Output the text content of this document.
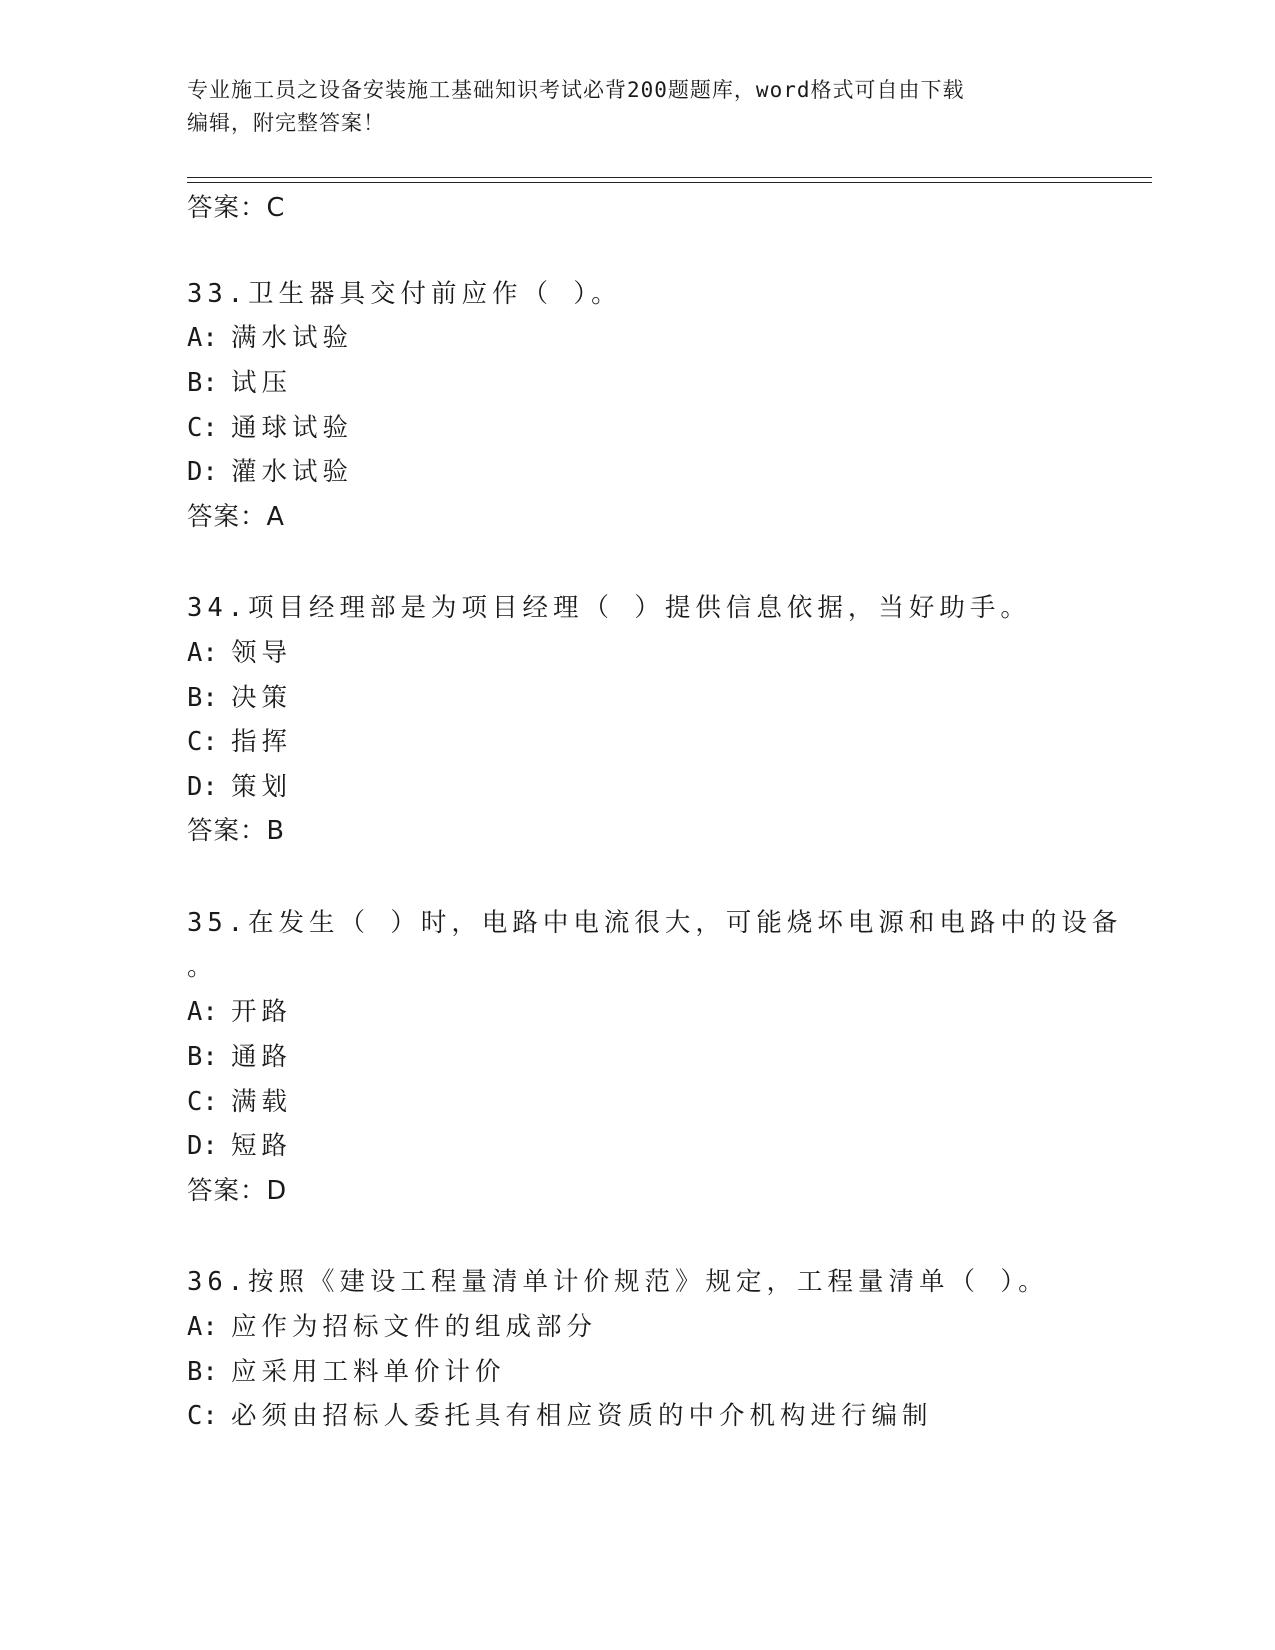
专业施工员之设备安装施工基础知识考试必背200题题库，word格式可自由下载
编辑，附完整答案！
答案：C
33.卫生器具交付前应作（ ）。
A: 满水试验
B: 试压
C: 通球试验
D: 灌水试验
答案：A
34.项目经理部是为项目经理（ ）提供信息依据，当好助手。
A: 领导
B: 决策
C: 指挥
D: 策划
答案：B
35.在发生（ ）时，电路中电流很大，可能烧坏电源和电路中的设备
。
A: 开路
B: 通路
C: 满载
D: 短路
答案：D
36.按照《建设工程量清单计价规范》规定，工程量清单（ ）。
A: 应作为招标文件的组成部分
B: 应采用工料单价计价
C: 必须由招标人委托具有相应资质的中介机构进行编制
